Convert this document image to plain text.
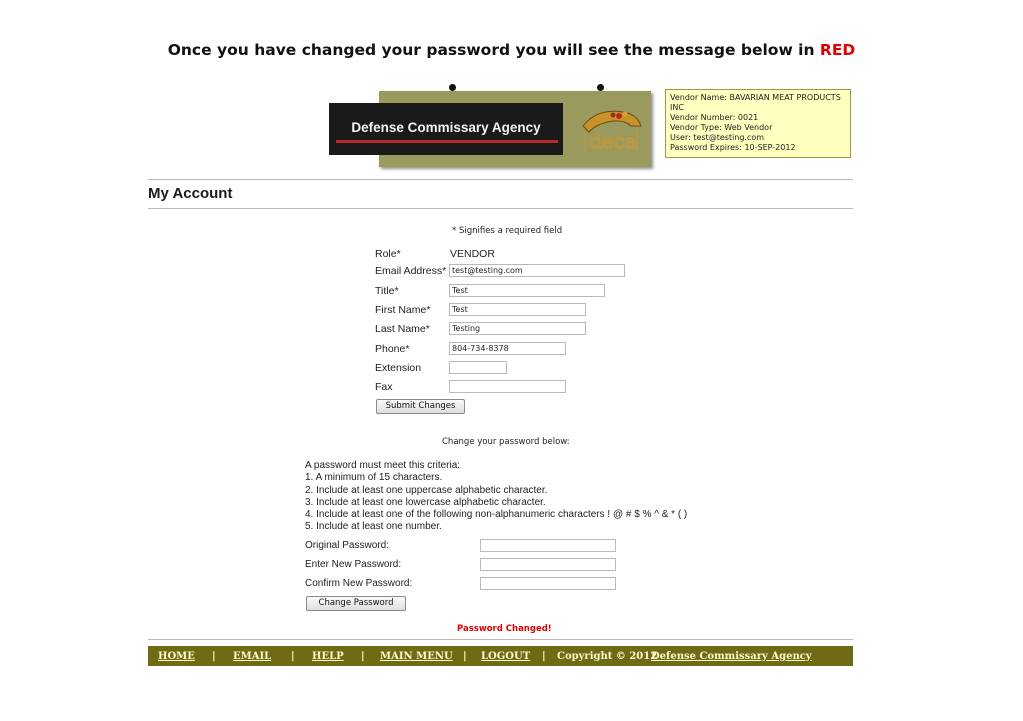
Once you have changed your password you will see the message below in RED
Defense Commissary Agency
deca
Vendor Name: BAVARIAN MEAT PRODUCTS
INC
Vendor Number: 0021
Vendor Type: Web Vendor
User: test@testing.com
Password Expires: 10-SEP-2012
My Account
* Signifies a required field
Role*	VENDOR
Email Address* test@testing.com
Title*	Test
First Name*	Test
Last Name*	Testing
Phone*	804-734-8378
Extension
Fax
Submit Changes
Change your password below:
A password must meet this criteria:
1. A minimum of 15 characters.
2. Include at least one uppercase alphabetic character.
3. Include at least one lowercase alphabetic character.
4. Include at least one of the following non-alphanumeric characters ! @ # $ % ^ & * ( )
5. Include at least one number.
Original Password:
Enter New Password:
Confirm New Password:
Change Password
Password Changed!
HOME | EMAIL | HELP | MAIN MENU | LOGOUT | Copyright © 2012
Defense Commissary Agency
